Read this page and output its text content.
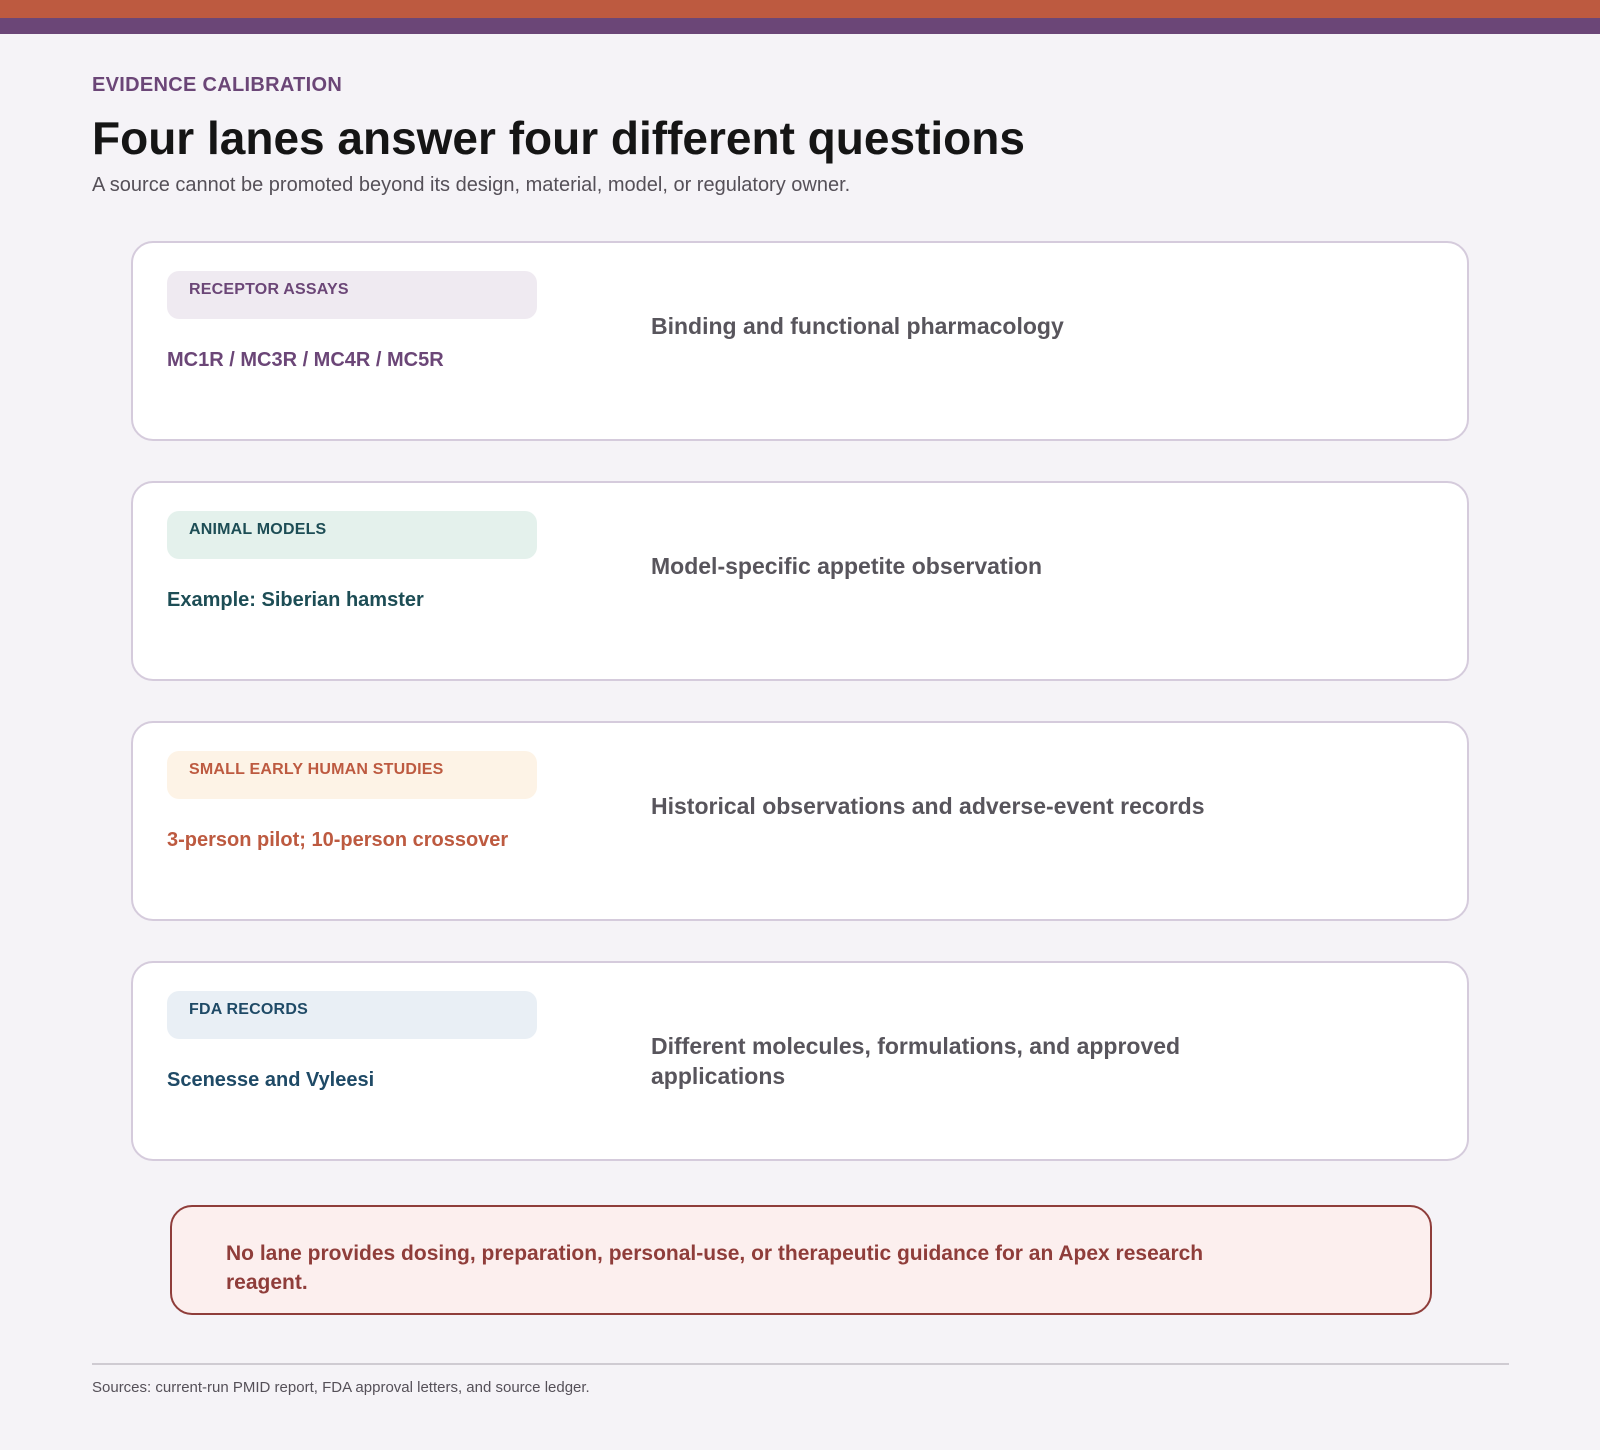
EVIDENCE CALIBRATION
Four lanes answer four different questions
A source cannot be promoted beyond its design, material, model, or regulatory owner.
RECEPTOR ASSAYS
MC1R / MC3R / MC4R / MC5R
Binding and functional pharmacology
ANIMAL MODELS
Example: Siberian hamster
Model-specific appetite observation
SMALL EARLY HUMAN STUDIES
3-person pilot; 10-person crossover
Historical observations and adverse-event records
FDA RECORDS
Scenesse and Vyleesi
Different molecules, formulations, and approved applications
No lane provides dosing, preparation, personal-use, or therapeutic guidance for an Apex research reagent.
Sources: current-run PMID report, FDA approval letters, and source ledger.
